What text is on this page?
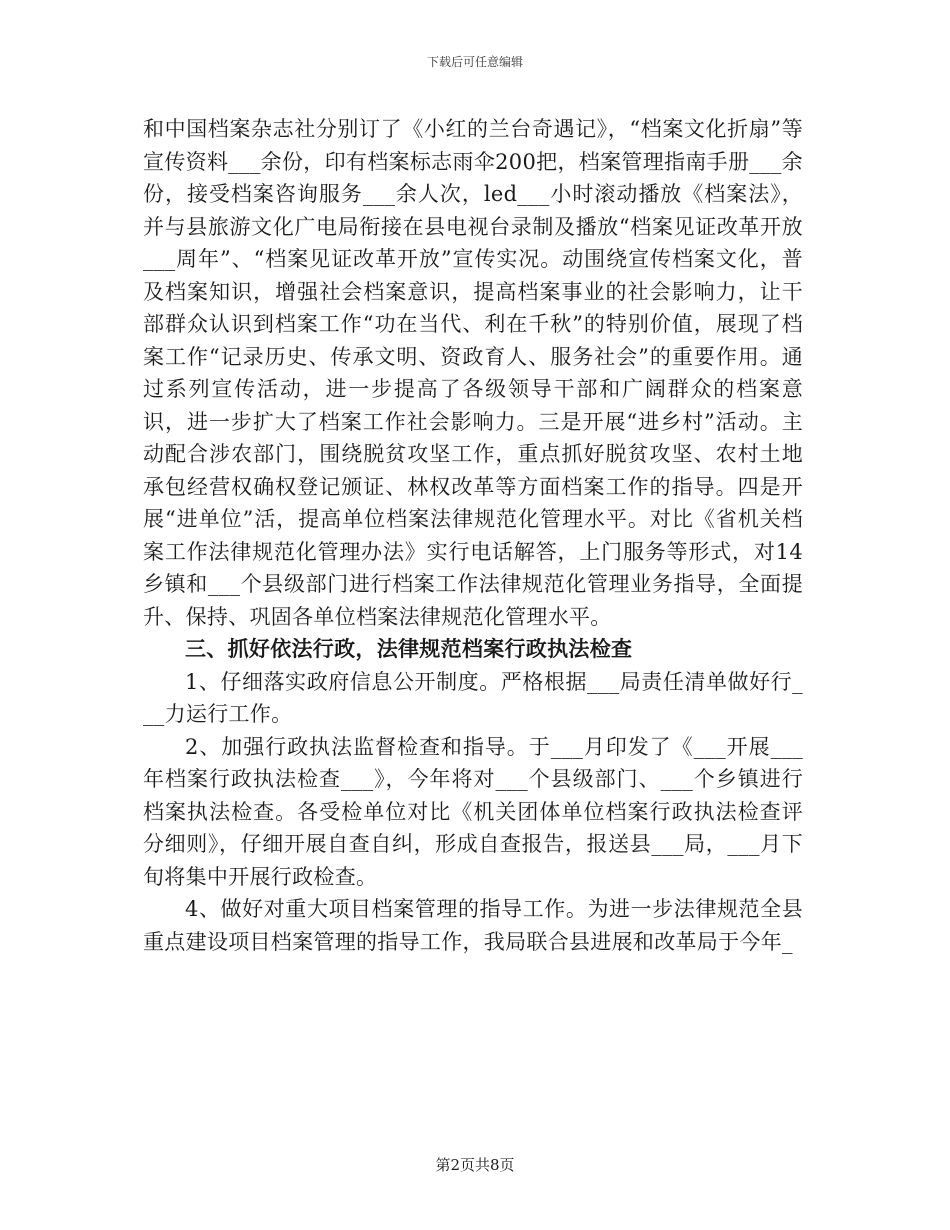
下载后可任意编辑

和中国档案杂志社分别订了《小红的兰台奇遇记》，“档案文化折扇”等宣传资料___余份，印有档案标志雨伞200把，档案管理指南手册___余份，接受档案咨询服务___余人次，led___小时滚动播放《档案法》，并与县旅游文化广电局衔接在县电视台录制及播放“档案见证改革开放___周年”、“档案见证改革开放”宣传实况。动围绕宣传档案文化，普及档案知识，增强社会档案意识，提高档案事业的社会影响力，让干部群众认识到档案工作“功在当代、利在千秋”的特别价值，展现了档案工作“记录历史、传承文明、资政育人、服务社会”的重要作用。通过系列宣传活动，进一步提高了各级领导干部和广阔群众的档案意识，进一步扩大了档案工作社会影响力。三是开展“进乡村”活动。主动配合涉农部门，围绕脱贫攻坚工作，重点抓好脱贫攻坚、农村土地承包经营权确权登记颁证、林权改革等方面档案工作的指导。四是开展“进单位”活，提高单位档案法律规范化管理水平。对比《省机关档案工作法律规范化管理办法》实行电话解答，上门服务等形式，对14乡镇和___个县级部门进行档案工作法律规范化管理业务指导，全面提升、保持、巩固各单位档案法律规范化管理水平。

三、抓好依法行政，法律规范档案行政执法检查

1、仔细落实政府信息公开制度。严格根据___局责任清单做好行___力运行工作。

2、加强行政执法监督检查和指导。于___月印发了《___开展___年档案行政执法检查___》，今年将对___个县级部门、___个乡镇进行档案执法检查。各受检单位对比《机关团体单位档案行政执法检查评分细则》，仔细开展自查自纠，形成自查报告，报送县___局，___月下旬将集中开展行政检查。

4、做好对重大项目档案管理的指导工作。为进一步法律规范全县重点建设项目档案管理的指导工作，我局联合县进展和改革局于今年_

第2页共8页
